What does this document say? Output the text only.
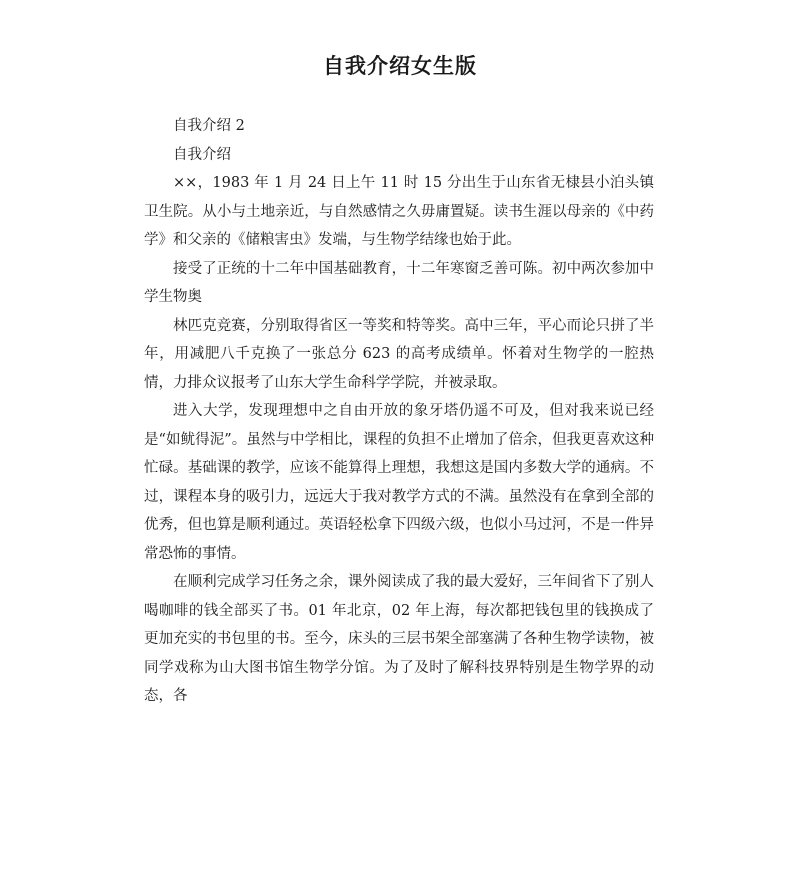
自我介绍女生版

自我介绍 2

自我介绍

××，1983 年 1 月 24 日上午 11 时 15 分出生于山东省无棣县小泊头镇卫生院。从小与土地亲近，与自然感情之久毋庸置疑。读书生涯以母亲的《中药学》和父亲的《储粮害虫》发端，与生物学结缘也始于此。

接受了正统的十二年中国基础教育，十二年寒窗乏善可陈。初中两次参加中学生物奥

林匹克竞赛，分别取得省区一等奖和特等奖。高中三年，平心而论只拼了半年，用减肥八千克换了一张总分 623 的高考成绩单。怀着对生物学的一腔热情，力排众议报考了山东大学生命科学学院，并被录取。

进入大学，发现理想中之自由开放的象牙塔仍遥不可及，但对我来说已经是“如鱿得泥”。虽然与中学相比，课程的负担不止增加了倍余，但我更喜欢这种忙碌。基础课的教学，应该不能算得上理想，我想这是国内多数大学的通病。不过，课程本身的吸引力，远远大于我对教学方式的不满。虽然没有在拿到全部的优秀，但也算是顺利通过。英语轻松拿下四级六级，也似小马过河，不是一件异常恐怖的事情。

在顺利完成学习任务之余，课外阅读成了我的最大爱好，三年间省下了别人喝咖啡的钱全部买了书。01 年北京，02 年上海，每次都把钱包里的钱换成了更加充实的书包里的书。至今，床头的三层书架全部塞满了各种生物学读物，被同学戏称为山大图书馆生物学分馆。为了及时了解科技界特别是生物学界的动态，各
